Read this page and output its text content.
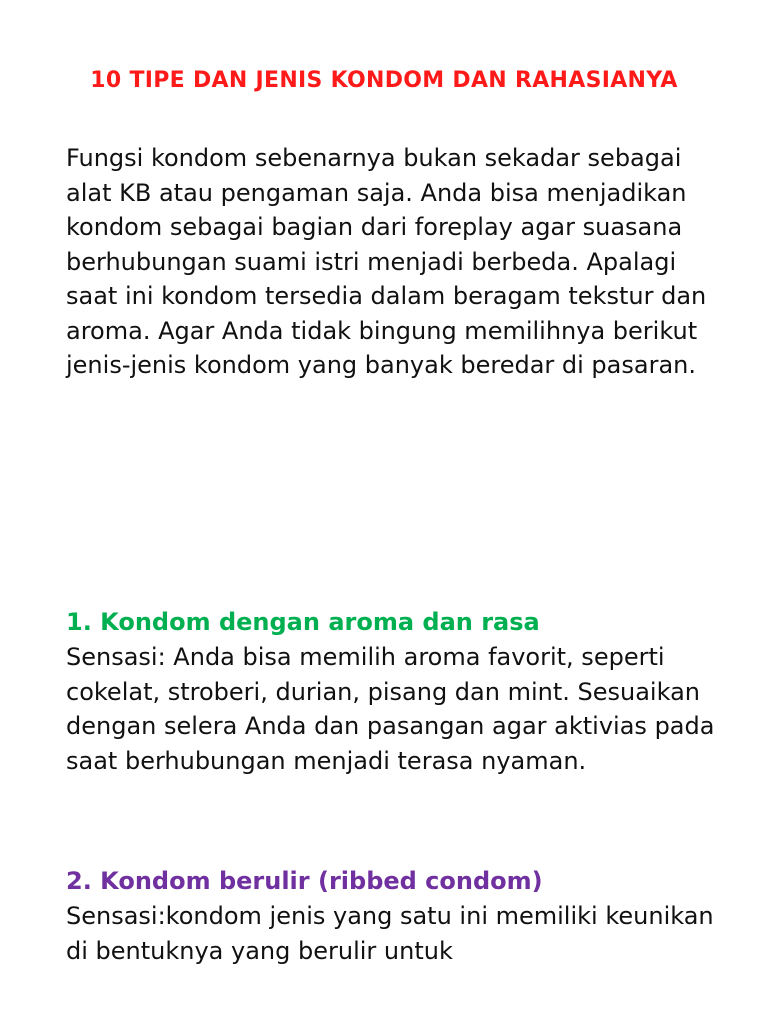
10 TIPE DAN JENIS KONDOM DAN RAHASIANYA

Fungsi kondom sebenarnya bukan sekadar sebagai alat KB atau pengaman saja. Anda bisa menjadikan kondom sebagai bagian dari foreplay agar suasana berhubungan suami istri menjadi berbeda. Apalagi saat ini kondom tersedia dalam beragam tekstur dan aroma. Agar Anda tidak bingung memilihnya berikut jenis-jenis kondom yang banyak beredar di pasaran.

1. Kondom dengan aroma dan rasa

Sensasi: Anda bisa memilih aroma favorit, seperti cokelat, stroberi, durian, pisang dan mint. Sesuaikan dengan selera Anda dan pasangan agar aktivias pada saat berhubungan menjadi terasa nyaman.

2. Kondom berulir (ribbed condom)

Sensasi:kondom jenis yang satu ini memiliki keunikan di bentuknya yang berulir untuk
